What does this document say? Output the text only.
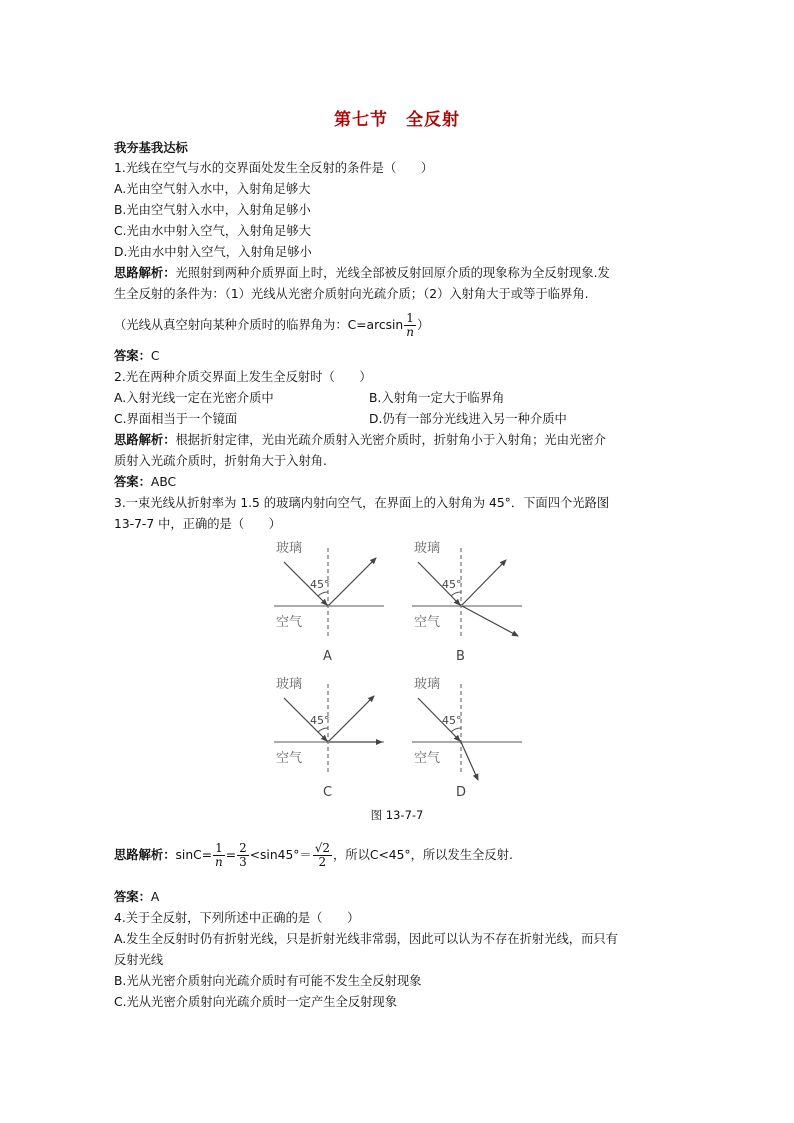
第七节　全反射
我夯基我达标
1.光线在空气与水的交界面处发生全反射的条件是（　　）
A.光由空气射入水中，入射角足够大
B.光由空气射入水中，入射角足够小
C.光由水中射入空气，入射角足够大
D.光由水中射入空气，入射角足够小
思路解析：光照射到两种介质界面上时，光线全部被反射回原介质的现象称为全反射现象.发
生全反射的条件为：（1）光线从光密介质射向光疏介质；（2）入射角大于或等于临界角.
（光线从真空射向某种介质时的临界角为：$C=\arcsin \frac{1}{n}$ ）
答案：C
2.光在两种介质交界面上发生全反射时（　　）
A.入射光线一定在光密介质中	B.入射角一定大于临界角
C.界面相当于一个镜面	D.仍有一部分光线进入另一种介质中
思路解析：根据折射定律，光由光疏介质射入光密介质时，折射角小于入射角；光由光密介
质射入光疏介质时，折射角大于入射角.
答案：ABC
3.一束光线从折射率为 1.5 的玻璃内射向空气，在界面上的入射角为 45°．下面四个光路图
13-7-7 中，正确的是（　　）
玻璃
空气
45°
A
玻璃
空气
45°
B
玻璃
空气
45°
C
玻璃
空气
45°
D
图 13-7-7
思路解析：$\sin C= \frac{1}{n} = \frac{2}{3} <\sin 45^\circ= \frac{√2}{2}$ ，所以C<45°，所以发生全反射.
答案：A
4.关于全反射，下列所述中正确的是（　　）
A.发生全反射时仍有折射光线，只是折射光线非常弱，因此可以认为不存在折射光线，而只有
反射光线
B.光从光密介质射向光疏介质时有可能不发生全反射现象
C.光从光密介质射向光疏介质时一定产生全反射现象
